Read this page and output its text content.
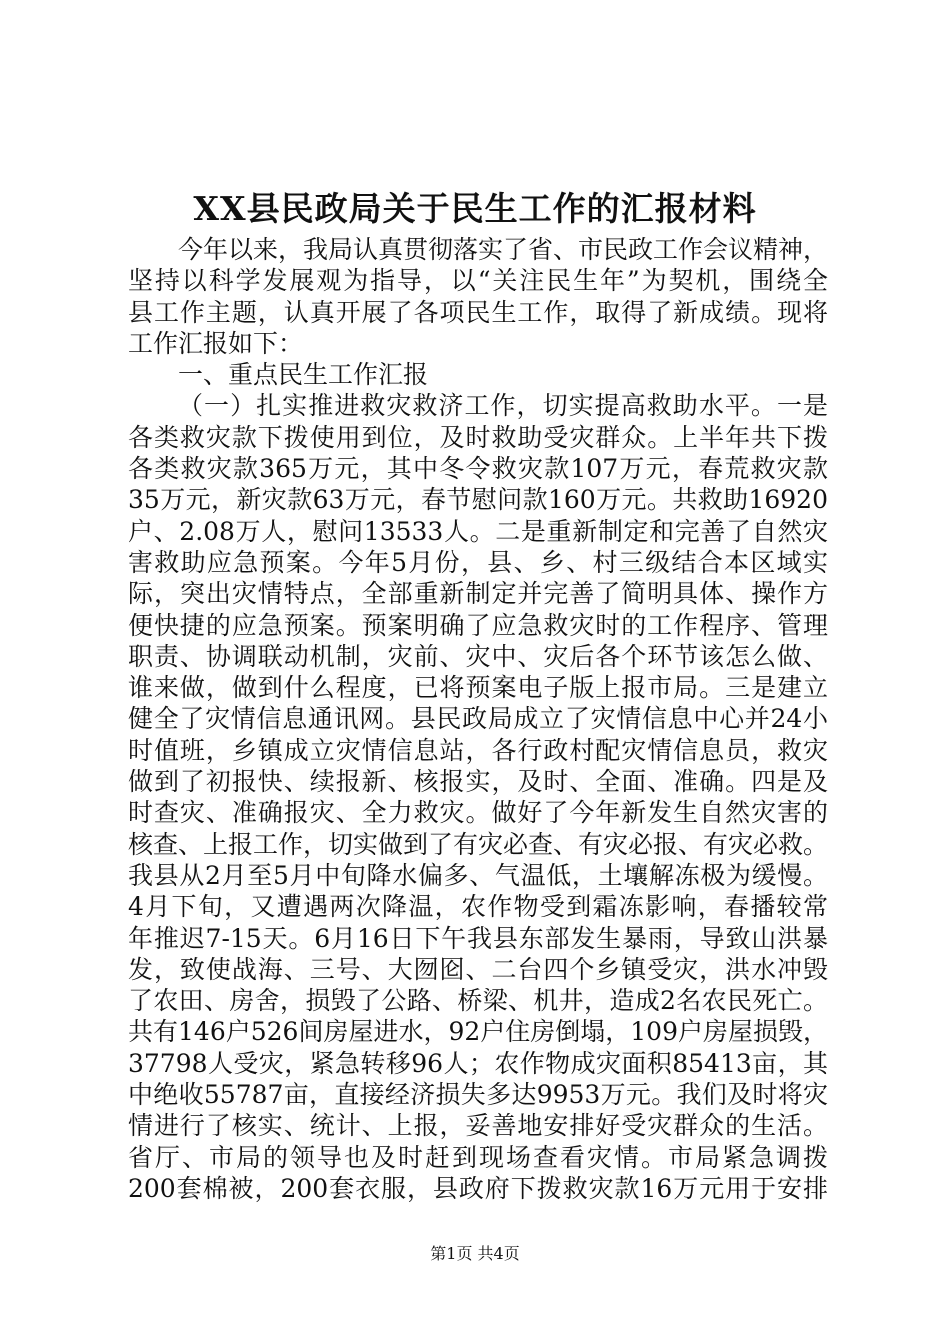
XX县民政局关于民生工作的汇报材料
今年以来，我局认真贯彻落实了省、市民政工作会议精神，
坚持以科学发展观为指导，以“关注民生年”为契机，围绕全
县工作主题，认真开展了各项民生工作，取得了新成绩。现将
工作汇报如下：
一、重点民生工作汇报
（一）扎实推进救灾救济工作，切实提高救助水平。一是
各类救灾款下拨使用到位，及时救助受灾群众。上半年共下拨
各类救灾款365万元，其中冬令救灾款107万元，春荒救灾款
35万元，新灾款63万元，春节慰问款160万元。共救助16920
户、2.08万人，慰问13533人。二是重新制定和完善了自然灾
害救助应急预案。今年5月份，县、乡、村三级结合本区域实
际，突出灾情特点，全部重新制定并完善了简明具体、操作方
便快捷的应急预案。预案明确了应急救灾时的工作程序、管理
职责、协调联动机制，灾前、灾中、灾后各个环节该怎么做、
谁来做，做到什么程度，已将预案电子版上报市局。三是建立
健全了灾情信息通讯网。县民政局成立了灾情信息中心并24小
时值班，乡镇成立灾情信息站，各行政村配灾情信息员，救灾
做到了初报快、续报新、核报实，及时、全面、准确。四是及
时查灾、准确报灾、全力救灾。做好了今年新发生自然灾害的
核查、上报工作，切实做到了有灾必查、有灾必报、有灾必救。
我县从2月至5月中旬降水偏多、气温低，土壤解冻极为缓慢。
4月下旬，又遭遇两次降温，农作物受到霜冻影响，春播较常
年推迟7-15天。6月16日下午我县东部发生暴雨，导致山洪暴
发，致使战海、三号、大囫囵、二台四个乡镇受灾，洪水冲毁
了农田、房舍，损毁了公路、桥梁、机井，造成2名农民死亡。
共有146户526间房屋进水，92户住房倒塌，109户房屋损毁，
37798人受灾，紧急转移96人；农作物成灾面积85413亩，其
中绝收55787亩，直接经济损失多达9953万元。我们及时将灾
情进行了核实、统计、上报，妥善地安排好受灾群众的生活。
省厅、市局的领导也及时赶到现场查看灾情。市局紧急调拨
200套棉被，200套衣服，县政府下拨救灾款16万元用于安排
第1页 共4页
